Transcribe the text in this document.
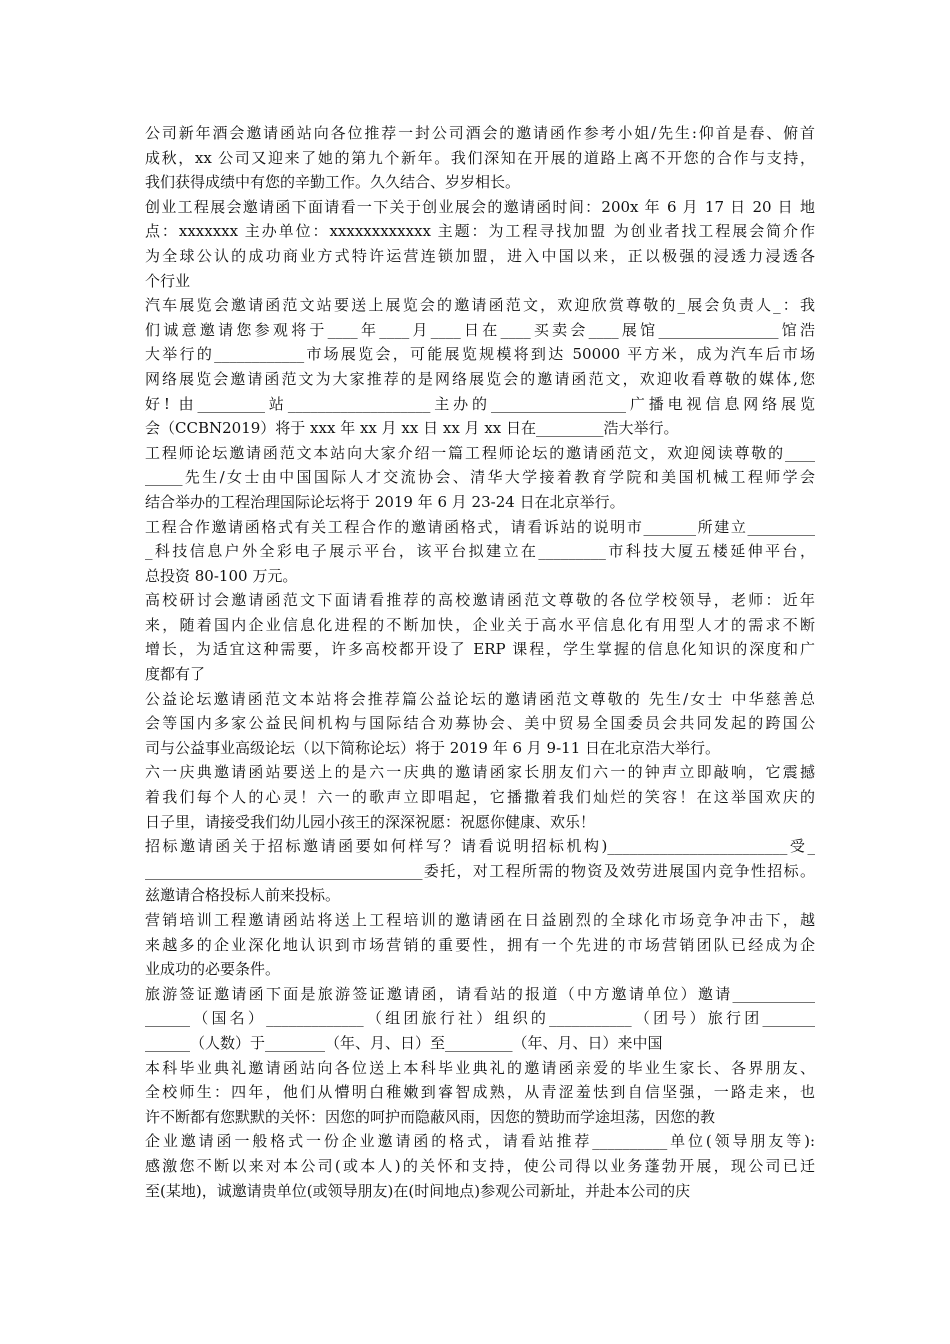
公司新年酒会邀请函站向各位推荐一封公司酒会的邀请函作参考小姐/先生:仰首是春、俯首
成秋，xx 公司又迎来了她的第九个新年。我们深知在开展的道路上离不开您的合作与支持，
我们获得成绩中有您的辛勤工作。久久结合、岁岁相长。
创业工程展会邀请函下面请看一下关于创业展会的邀请函时间：200x 年 6 月 17 日 20 日 地
点：xxxxxxx 主办单位：xxxxxxxxxxxx 主题：为工程寻找加盟 为创业者找工程展会简介作
为全球公认的成功商业方式特许运营连锁加盟，进入中国以来，正以极强的浸透力浸透各
个行业
汽车展览会邀请函范文站要送上展览会的邀请函范文，欢迎欣赏尊敬的_展会负责人_：我
们诚意邀请您参观将于____年____月____日在____买卖会____展馆________________馆浩
大举行的____________市场展览会，可能展览规模将到达 50000 平方米，成为汽车后市场
网络展览会邀请函范文为大家推荐的是网络展览会的邀请函范文，欢迎收看尊敬的媒体,您
好! 由_________站___________________主办的__________________广播电视信息网络展览
会（CCBN2019）将于 xxx 年 xx 月 xx 日 xx 月 xx 日在_________浩大举行。
工程师论坛邀请函范文本站向大家介绍一篇工程师论坛的邀请函范文，欢迎阅读尊敬的____
_____先生/女士由中国国际人才交流协会、清华大学接着教育学院和美国机械工程师学会
结合举办的工程治理国际论坛将于 2019 年 6 月 23-24 日在北京举行。
工程合作邀请函格式有关工程合作的邀请函格式，请看诉站的说明市_______所建立_________
_科技信息户外全彩电子展示平台，该平台拟建立在_________市科技大厦五楼延伸平台，
总投资 80-100 万元。
高校研讨会邀请函范文下面请看推荐的高校邀请函范文尊敬的各位学校领导，老师：近年
来，随着国内企业信息化进程的不断加快，企业关于高水平信息化有用型人才的需求不断
增长，为适宜这种需要，许多高校都开设了 ERP 课程，学生掌握的信息化知识的深度和广
度都有了
公益论坛邀请函范文本站将会推荐篇公益论坛的邀请函范文尊敬的 先生/女士 中华慈善总
会等国内多家公益民间机构与国际结合劝募协会、美中贸易全国委员会共同发起的跨国公
司与公益事业高级论坛（以下简称论坛）将于 2019 年 6 月 9-11 日在北京浩大举行。
六一庆典邀请函站要送上的是六一庆典的邀请函家长朋友们六一的钟声立即敲响，它震撼
着我们每个人的心灵！六一的歌声立即唱起，它播撒着我们灿烂的笑容！在这举国欢庆的
日子里，请接受我们幼儿园小孩王的深深祝愿：祝愿你健康、欢乐！
招标邀请函关于招标邀请函要如何样写？请看说明招标机构)________________________受_
_____________________________________委托，对工程所需的物资及效劳进展国内竞争性招标。
兹邀请合格投标人前来投标。
营销培训工程邀请函站将送上工程培训的邀请函在日益剧烈的全球化市场竞争冲击下，越
来越多的企业深化地认识到市场营销的重要性，拥有一个先进的市场营销团队已经成为企
业成功的必要条件。
旅游签证邀请函下面是旅游签证邀请函，请看站的报道（中方邀请单位）邀请___________
______（国名）_____________（组团旅行社）组织的___________（团号）旅行团_______
______（人数）于________（年、月、日）至_________（年、月、日）来中国
本科毕业典礼邀请函站向各位送上本科毕业典礼的邀请函亲爱的毕业生家长、各界朋友、
全校师生：四年，他们从懵明白稚嫩到睿智成熟，从青涩羞怯到自信坚强，一路走来，也
许不断都有您默默的关怀：因您的呵护而隐蔽风雨，因您的赞助而学途坦荡，因您的教
企业邀请函一般格式一份企业邀请函的格式，请看站推荐__________单位(领导朋友等):
感激您不断以来对本公司(或本人)的关怀和支持，使公司得以业务蓬勃开展，现公司已迁
至(某地)，诚邀请贵单位(或领导朋友)在(时间地点)参观公司新址，并赴本公司的庆
